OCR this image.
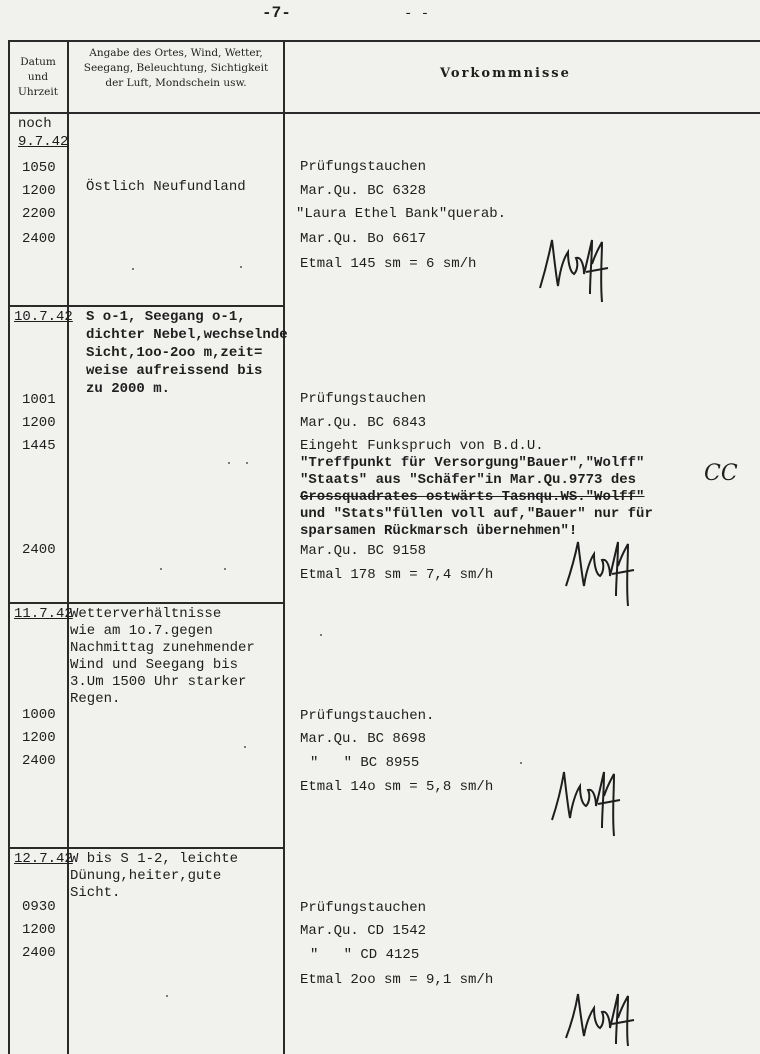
-7-	- -
Datum
und
Uhrzeit
Angabe des Ortes, Wind, Wetter,
Seegang, Beleuchtung, Sichtigkeit
der Luft, Mondschein usw.
Vorkommnisse
noch
9.7.42
1050
1200
2200
2400
Östlich Neufundland
Prüfungstauchen
Mar.Qu. BC 6328
"Laura Ethel Bank"querab.
Mar.Qu. Bo 6617
Etmal 145 sm = 6 sm/h
10.7.42 S o-1, Seegang o-1,
dichter Nebel,wechselnde
Sicht,1oo-2oo m,zeit=
weise aufreissend bis
zu 2000 m.
1001
1200
1445
2400
Prüfungstauchen
Mar.Qu. BC 6843
Eingeht Funkspruch von B.d.U.
"Treffpunkt für Versorgung"Bauer","Wolff"
"Staats" aus "Schäfer"in Mar.Qu.9773 des
Grossquadrates ostwärts Tasnqu.WS."Wolff"
und "Stats"füllen voll auf,"Bauer" nur für
sparsamen Rückmarsch übernehmen"!
Mar.Qu. BC 9158
Etmal 178 sm = 7,4 sm/h
CC
11.7.42
Wetterverhältnisse
wie am 1o.7.gegen
Nachmittag zunehmender
Wind und Seegang bis
3.Um 1500 Uhr starker
Regen.
1000
1200
2400
Prüfungstauchen.
Mar.Qu. BC 8698
"   " BC 8955
Etmal 14o sm = 5,8 sm/h
12.7.42
W bis S 1-2, leichte
Dünung,heiter,gute
Sicht.
0930
1200
2400
Prüfungstauchen
Mar.Qu. CD 1542
"   " CD 4125
Etmal 2oo sm = 9,1 sm/h
